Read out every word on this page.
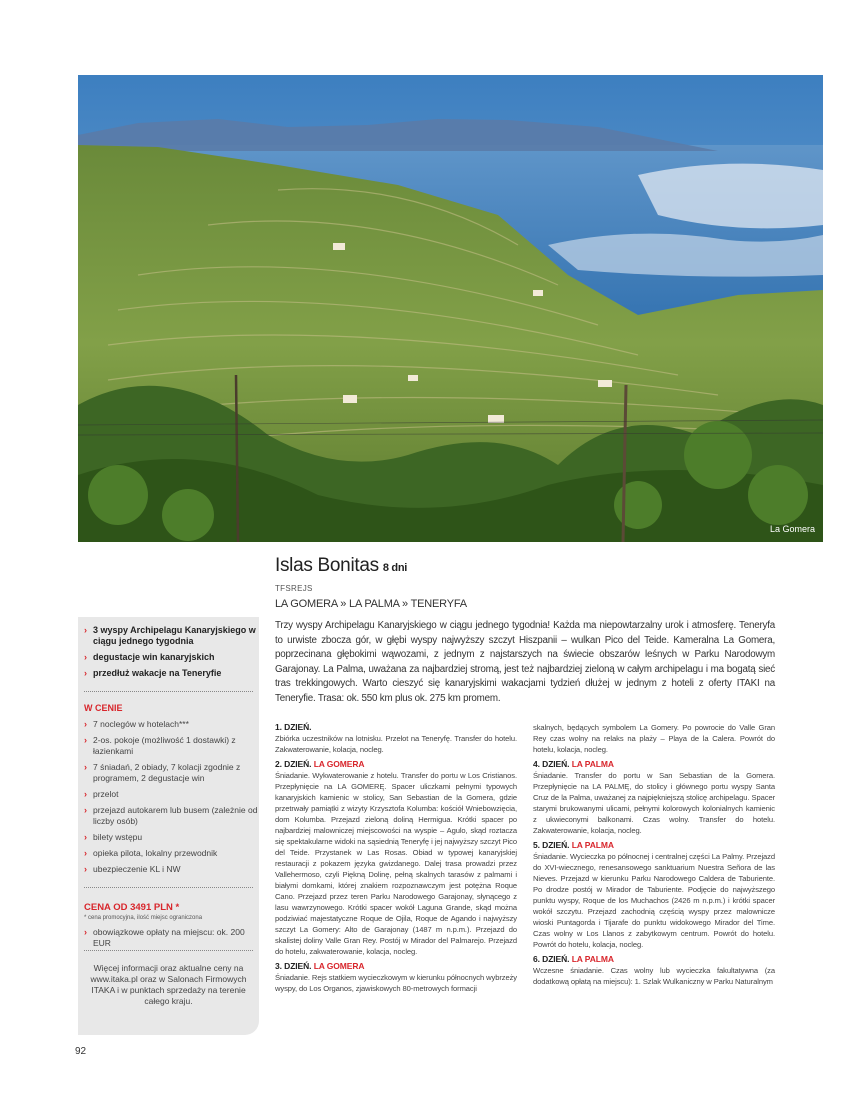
La Gomera
Islas Bonitas 8 dni
TFSREJS
LA GOMERA » LA PALMA » TENERYFA
› 3 wyspy Archipelagu Kanaryjskiego w ciągu jednego tygodnia
› degustacje win kanaryjskich
› przedłuż wakacje na Teneryfie
W CENIE
› 7 noclegów w hotelach***
› 2-os. pokoje (możliwość 1 dostawki) z łazienkami
› 7 śniadań, 2 obiady, 7 kolacji zgodnie z programem, 2 degustacje win
› przelot
› przejazd autokarem lub busem (zależnie od liczby osób)
› bilety wstępu
› opieka pilota, lokalny przewodnik
› ubezpieczenie KL i NW
CENA OD 3491 PLN *
* cena promocyjna, ilość miejsc ograniczona
› obowiązkowe opłaty na miejscu: ok. 200 EUR
Więcej informacji oraz aktualne ceny na www.itaka.pl oraz w Salonach Firmowych ITAKA i w punktach sprzedaży na terenie całego kraju.
Trzy wyspy Archipelagu Kanaryjskiego w ciągu jednego tygodnia! Każda ma niepowtarzalny urok i atmosferę. Teneryfa to urwiste zbocza gór, w głębi wyspy najwyższy szczyt Hiszpanii – wulkan Pico del Teide. Kameralna La Gomera, poprzecinana głębokimi wąwozami, z jednym z najstarszych na świecie obszarów leśnych w Parku Narodowym Garajonay. La Palma, uważana za najbardziej stromą, jest też najbardziej zieloną w całym archipelagu i ma bogatą sieć tras trekkingowych. Warto cieszyć się kanaryjskimi wakacjami tydzień dłużej w jednym z hoteli z oferty ITAKI na Teneryfie. Trasa: ok. 550 km plus ok. 275 km promem.
1. DZIEŃ.
Zbiórka uczestników na lotnisku. Przelot na Teneryfę. Transfer do hotelu. Zakwaterowanie, kolacja, nocleg.
2. DZIEŃ. LA GOMERA
Śniadanie. Wykwaterowanie z hotelu. Transfer do portu w Los Cristianos. Przepłynięcie na LA GOMERĘ. Spacer uliczkami pełnymi typowych kanaryjskich kamienic w stolicy, San Sebastian de la Gomera, gdzie przetrwały pamiątki z wizyty Krzysztofa Kolumba: kościół Wniebowzięcia, dom Kolumba. Przejazd zieloną doliną Hermigua. Krótki spacer po najbardziej malowniczej miejscowości na wyspie – Agulo, skąd roztacza się spektakularne widoki na sąsiednią Teneryfę i jej najwyższy szczyt Pico del Teide. Przystanek w Las Rosas. Obiad w typowej kanaryjskiej restauracji z pokazem języka gwizdanego. Dalej trasa prowadzi przez Vallehermoso, czyli Piękną Dolinę, pełną skalnych tarasów z palmami i białymi domkami, której znakiem rozpoznawczym jest potężna Roque Cano. Przejazd przez teren Parku Narodowego Garajonay, słynącego z lasu wawrzynowego. Krótki spacer wokół Laguna Grande, skąd można podziwiać majestatyczne Roque de Ojila, Roque de Agando i najwyższy szczyt La Gomery: Alto de Garajonay (1487 m n.p.m.). Przejazd do skalistej doliny Valle Gran Rey. Postój w Mirador del Palmarejo. Przejazd do hotelu, zakwaterowanie, kolacja, nocleg.
3. DZIEŃ. LA GOMERA
Śniadanie. Rejs statkiem wycieczkowym w kierunku północnych wybrzeży wyspy, do Los Organos, zjawiskowych 80-metrowych formacji
skalnych, będących symbolem La Gomery. Po powrocie do Valle Gran Rey czas wolny na relaks na plaży – Playa de la Calera. Powrót do hotelu, kolacja, nocleg.
4. DZIEŃ. LA PALMA
Śniadanie. Transfer do portu w San Sebastian de la Gomera. Przepłynięcie na LA PALMĘ, do stolicy i głównego portu wyspy Santa Cruz de la Palma, uważanej za najpiękniejszą stolicę archipelagu. Spacer starymi brukowanymi ulicami, pełnymi kolorowych kolonialnych kamienic z ukwieconymi balkonami. Czas wolny. Transfer do hotelu. Zakwaterowanie, kolacja, nocleg.
5. DZIEŃ. LA PALMA
Śniadanie. Wycieczka po północnej i centralnej części La Palmy. Przejazd do XVI-wiecznego, renesansowego sanktuarium Nuestra Señora de las Nieves. Przejazd w kierunku Parku Narodowego Caldera de Taburiente. Po drodze postój w Mirador de Taburiente. Podjęcie do najwyższego punktu wyspy, Roque de los Muchachos (2426 m n.p.m.) i krótki spacer wokół szczytu. Przejazd zachodnią częścią wyspy przez malownicze wioski Puntagorda i Tijarafe do punktu widokowego Mirador del Time. Czas wolny w Los Llanos z zabytkowym centrum. Powrót do hotelu. Powrót do hotelu, kolacja, nocleg.
6. DZIEŃ. LA PALMA
Wczesne śniadanie. Czas wolny lub wycieczka fakultatywna (za dodatkową opłatą na miejscu): 1. Szlak Wulkaniczny w Parku Naturalnym
92
